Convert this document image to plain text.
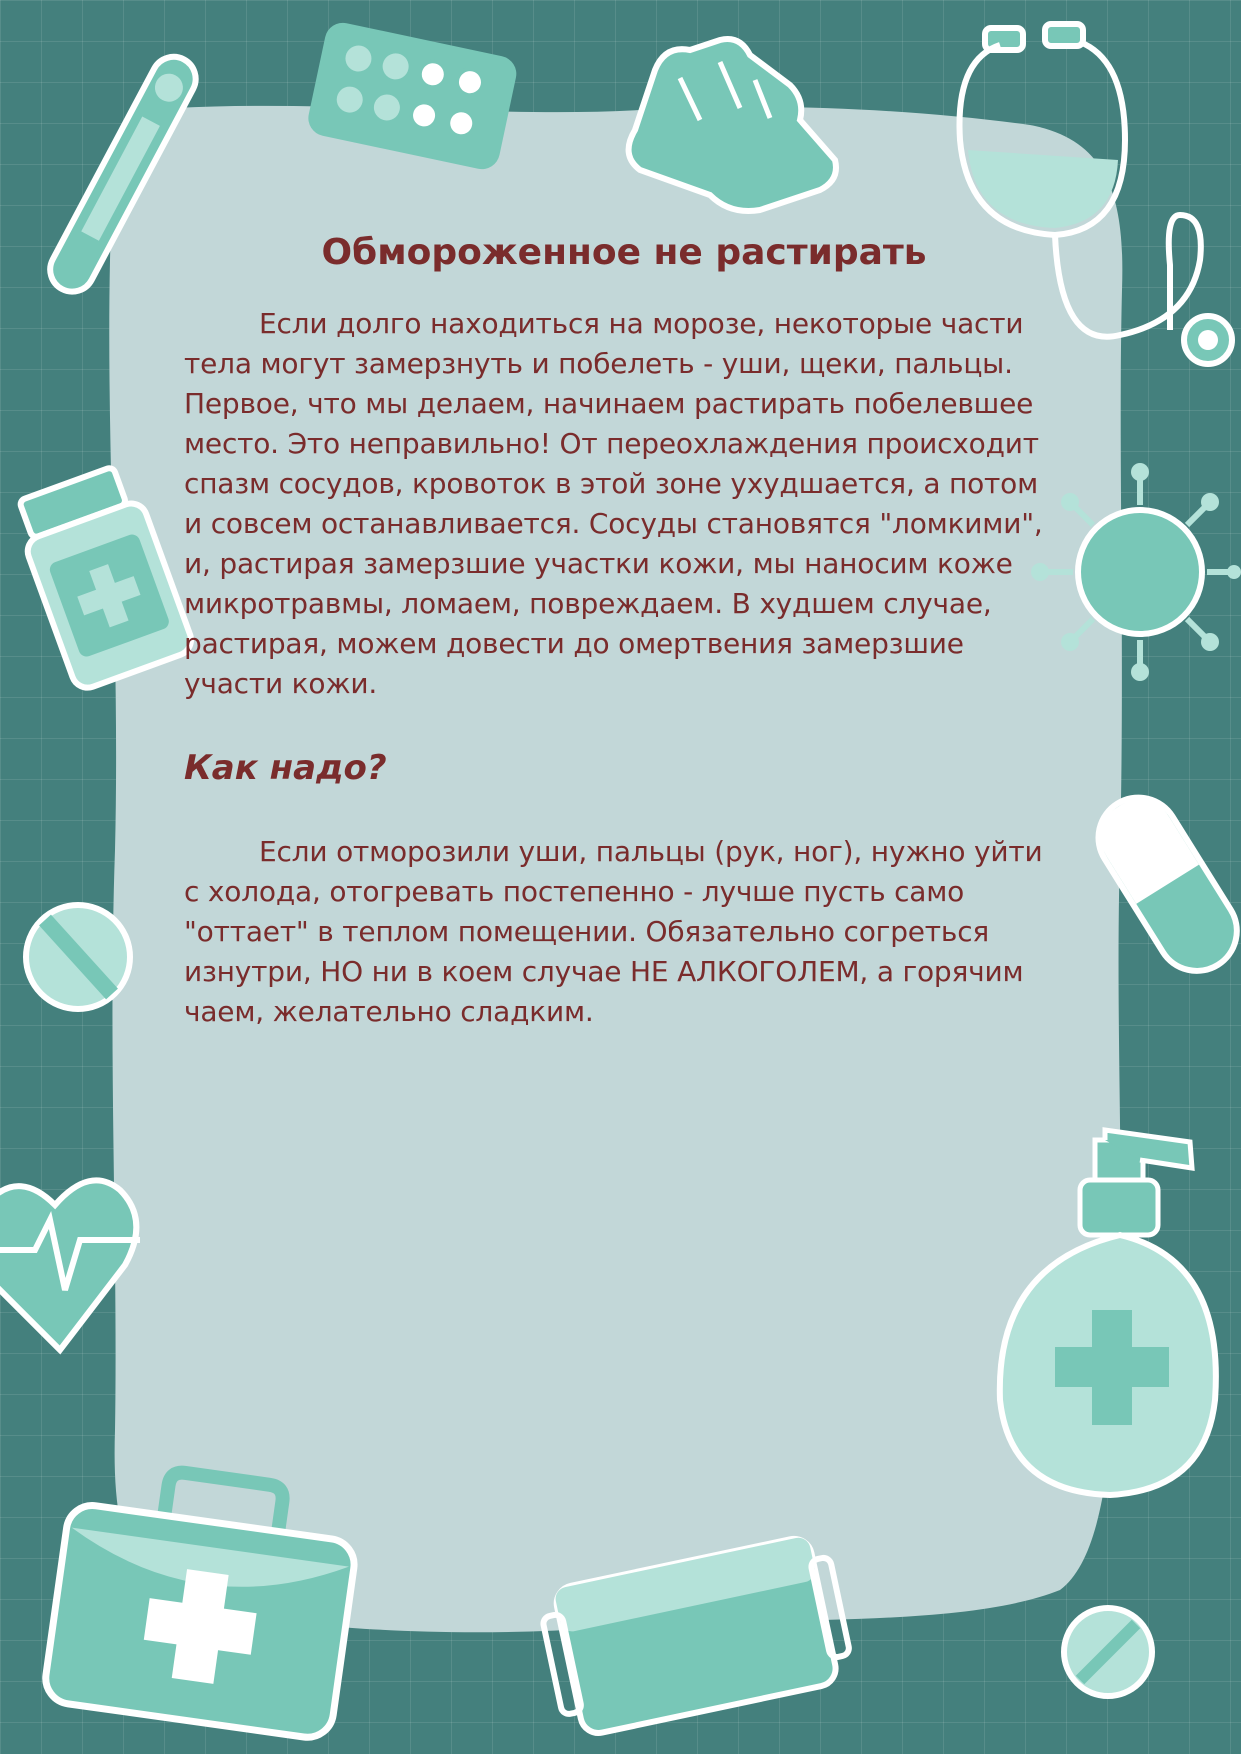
Обмороженное не растирать

Если долго находиться на морозе, некоторые части тела могут замерзнуть и побелеть - уши, щеки, пальцы. Первое, что мы делаем, начинаем растирать побелевшее место. Это неправильно! От переохлаждения происходит спазм сосудов, кровоток в этой зоне ухудшается, а потом и совсем останавливается. Сосуды становятся "ломкими", и, растирая замерзшие участки кожи, мы наносим коже микротравмы, ломаем, повреждаем. В худшем случае, растирая, можем довести до омертвения замерзшие участи кожи.

Как надо?

Если отморозили уши, пальцы (рук, ног), нужно уйти с холода, отогревать постепенно - лучше пусть само "оттает" в теплом помещении. Обязательно согреться изнутри, НО ни в коем случае НЕ АЛКОГОЛЕМ, а горячим чаем, желательно сладким.
